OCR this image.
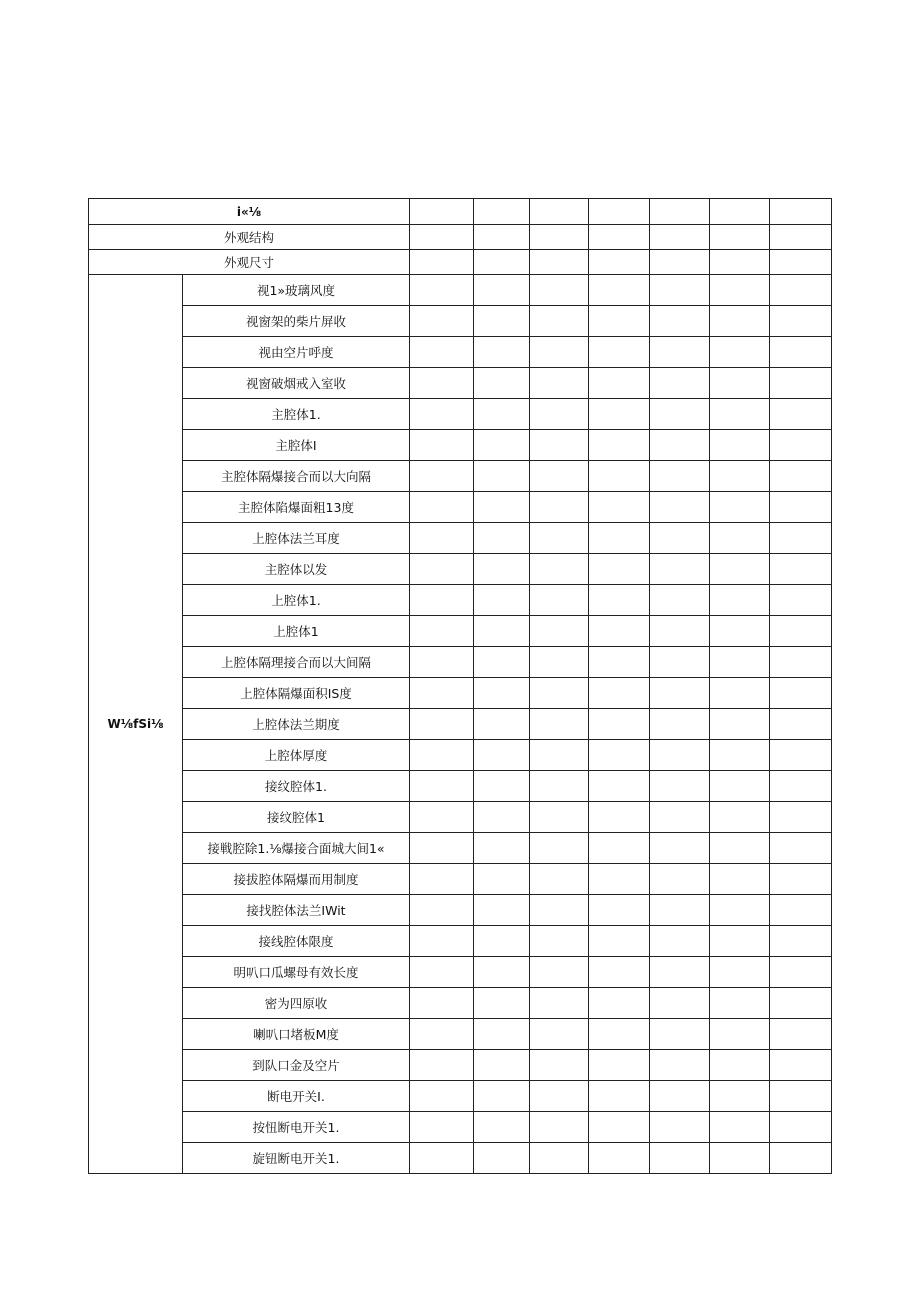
i«⅛								
外观结构								
外观尺寸								
W⅛fSi⅛	视1»玻璃风度							
	视窗架的柴片屏收							
	视由空片呼度							
	视窗破烟戒入室收							
	主腔体1.							
	主腔体I							
	主腔体隔爆接合而以大向隔							
	主腔体陷爆面粗13度							
	上腔体法兰耳度							
	主腔体以发							
	上腔体1.							
	上腔体1							
	上腔体隔理接合而以大间隔							
	上腔体隔爆面积IS度							
	上腔体法兰期度							
	上腔体厚度							
	接纹腔体1.							
	接纹腔体1							
	接戦腔除1.⅛爆接合面城大间1«							
	接拔腔体隔爆而用制度							
	接找腔体法兰IWit							
	接线腔体限度							
	明叭口瓜螺母有效长度							
	密为四原收							
	喇叭口堵板M度							
	到队口金及空片							
	断电开关I.							
	按忸断电开关1.							
	旋钮断电开关1.							
